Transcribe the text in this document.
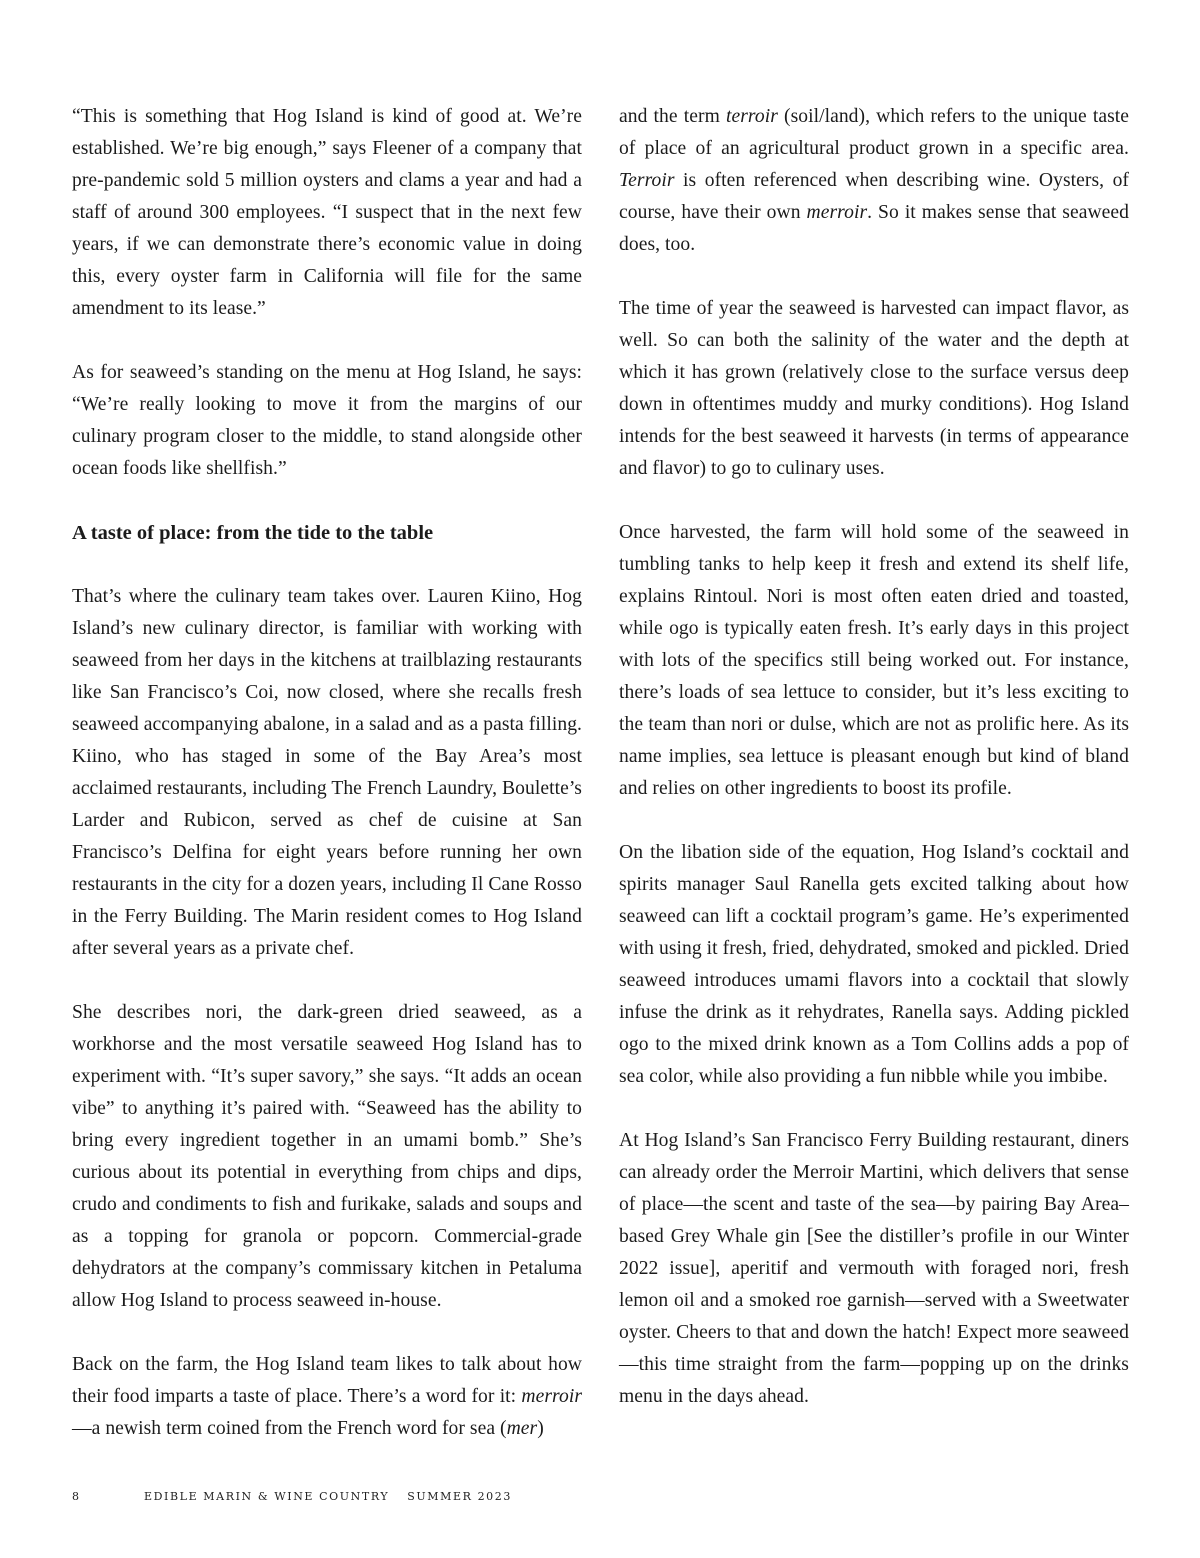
“This is something that Hog Island is kind of good at. We’re established. We’re big enough,” says Fleener of a company that pre-pandemic sold 5 million oysters and clams a year and had a staff of around 300 employees. “I suspect that in the next few years, if we can demonstrate there’s economic value in doing this, every oyster farm in California will file for the same amendment to its lease.”

As for seaweed’s standing on the menu at Hog Island, he says: “We’re really looking to move it from the margins of our culinary program closer to the middle, to stand alongside other ocean foods like shellfish.”

A taste of place: from the tide to the table

That’s where the culinary team takes over. Lauren Kiino, Hog Island’s new culinary director, is familiar with working with seaweed from her days in the kitchens at trailblazing restaurants like San Francisco’s Coi, now closed, where she recalls fresh seaweed accompanying abalone, in a salad and as a pasta filling. Kiino, who has staged in some of the Bay Area’s most acclaimed restaurants, including The French Laundry, Boulette’s Larder and Rubicon, served as chef de cuisine at San Francisco’s Delfina for eight years before running her own restaurants in the city for a dozen years, including Il Cane Rosso in the Ferry Building. The Marin resident comes to Hog Island after several years as a private chef.

She describes nori, the dark-green dried seaweed, as a workhorse and the most versatile seaweed Hog Island has to experiment with. “It’s super savory,” she says. “It adds an ocean vibe” to anything it’s paired with. “Seaweed has the ability to bring every ingredient together in an umami bomb.” She’s curious about its potential in everything from chips and dips, crudo and condiments to fish and furikake, salads and soups and as a topping for granola or popcorn. Commercial-grade dehydrators at the company’s commissary kitchen in Petaluma allow Hog Island to process seaweed in-house.

Back on the farm, the Hog Island team likes to talk about how their food imparts a taste of place. There’s a word for it: merroir—a newish term coined from the French word for sea (mer)

and the term terroir (soil/land), which refers to the unique taste of place of an agricultural product grown in a specific area. Terroir is often referenced when describing wine. Oysters, of course, have their own merroir. So it makes sense that seaweed does, too.

The time of year the seaweed is harvested can impact flavor, as well. So can both the salinity of the water and the depth at which it has grown (relatively close to the surface versus deep down in oftentimes muddy and murky conditions). Hog Island intends for the best seaweed it harvests (in terms of appearance and flavor) to go to culinary uses.

Once harvested, the farm will hold some of the seaweed in tumbling tanks to help keep it fresh and extend its shelf life, explains Rintoul. Nori is most often eaten dried and toasted, while ogo is typically eaten fresh. It’s early days in this project with lots of the specifics still being worked out. For instance, there’s loads of sea lettuce to consider, but it’s less exciting to the team than nori or dulse, which are not as prolific here. As its name implies, sea lettuce is pleasant enough but kind of bland and relies on other ingredients to boost its profile.

On the libation side of the equation, Hog Island’s cocktail and spirits manager Saul Ranella gets excited talking about how seaweed can lift a cocktail program’s game. He’s experimented with using it fresh, fried, dehydrated, smoked and pickled. Dried seaweed introduces umami flavors into a cocktail that slowly infuse the drink as it rehydrates, Ranella says. Adding pickled ogo to the mixed drink known as a Tom Collins adds a pop of sea color, while also providing a fun nibble while you imbibe.

At Hog Island’s San Francisco Ferry Building restaurant, diners can already order the Merroir Martini, which delivers that sense of place—the scent and taste of the sea—by pairing Bay Area–based Grey Whale gin [See the distiller’s profile in our Winter 2022 issue], aperitif and vermouth with foraged nori, fresh lemon oil and a smoked roe garnish—served with a Sweetwater oyster. Cheers to that and down the hatch! Expect more seaweed—this time straight from the farm—popping up on the drinks menu in the days ahead.

8	EDIBLE MARIN & WINE COUNTRY SUMMER 2023
